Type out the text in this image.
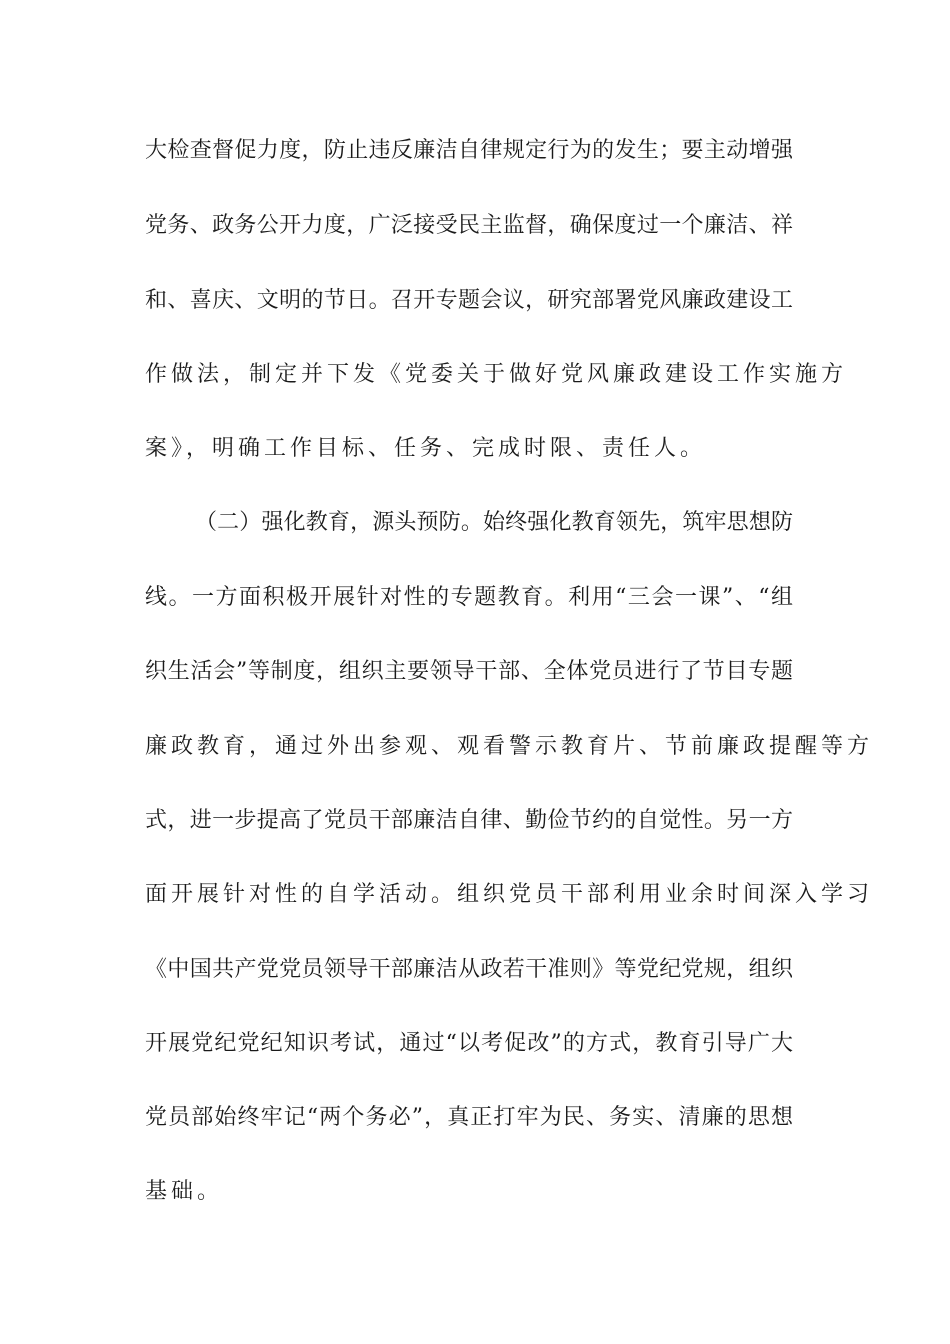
大检查督促力度，防止违反廉洁自律规定行为的发生；要主动增强
党务、政务公开力度，广泛接受民主监督，确保度过一个廉洁、祥
和、喜庆、文明的节日。召开专题会议，研究部署党风廉政建设工
作做法，制定并下发《党委关于做好党风廉政建设工作实施方
案》，明确工作目标、任务、完成时限、责任人。
（二）强化教育，源头预防。始终强化教育领先，筑牢思想防
线。一方面积极开展针对性的专题教育。利用“三会一课”、“组
织生活会”等制度，组织主要领导干部、全体党员进行了节目专题
廉政教育，通过外出参观、观看警示教育片、节前廉政提醒等方
式，进一步提高了党员干部廉洁自律、勤俭节约的自觉性。另一方
面开展针对性的自学活动。组织党员干部利用业余时间深入学习
《中国共产党党员领导干部廉洁从政若干准则》等党纪党规，组织
开展党纪党纪知识考试，通过“以考促改”的方式，教育引导广大
党员部始终牢记“两个务必”，真正打牢为民、务实、清廉的思想
基础。
